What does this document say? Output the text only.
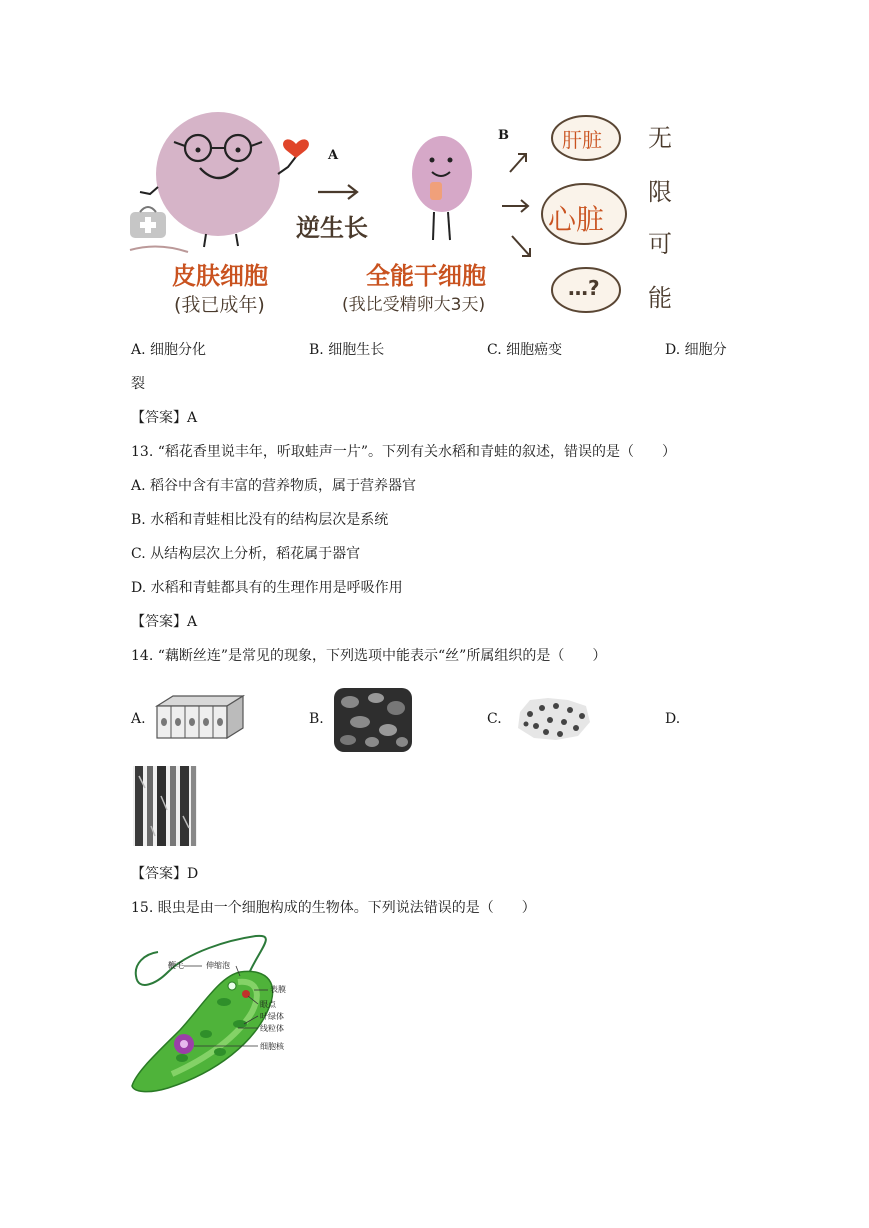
A
B
皮肤细胞
(我已成年)
逆生长
全能干细胞
(我比受精卵大3天)
肝脏
心脏
…?
无
限
可
能
A. 细胞分化	B. 细胞生长	C. 细胞癌变	D. 细胞分
裂
【答案】A
13. “稻花香里说丰年，听取蛙声一片”。下列有关水稻和青蛙的叙述，错误的是（　　）
A. 稻谷中含有丰富的营养物质，属于营养器官
B. 水稻和青蛙相比没有的结构层次是系统
C. 从结构层次上分析，稻花属于器官
D. 水稻和青蛙都具有的生理作用是呼吸作用
【答案】A
14. “藕断丝连”是常见的现象，下列选项中能表示“丝”所属组织的是（　　）
A.	B.	C.	D.
【答案】D
15. 眼虫是由一个细胞构成的生物体。下列说法错误的是（　　）
鞭毛	伸缩泡
表膜
眼点
叶绿体
线粒体
细胞核
